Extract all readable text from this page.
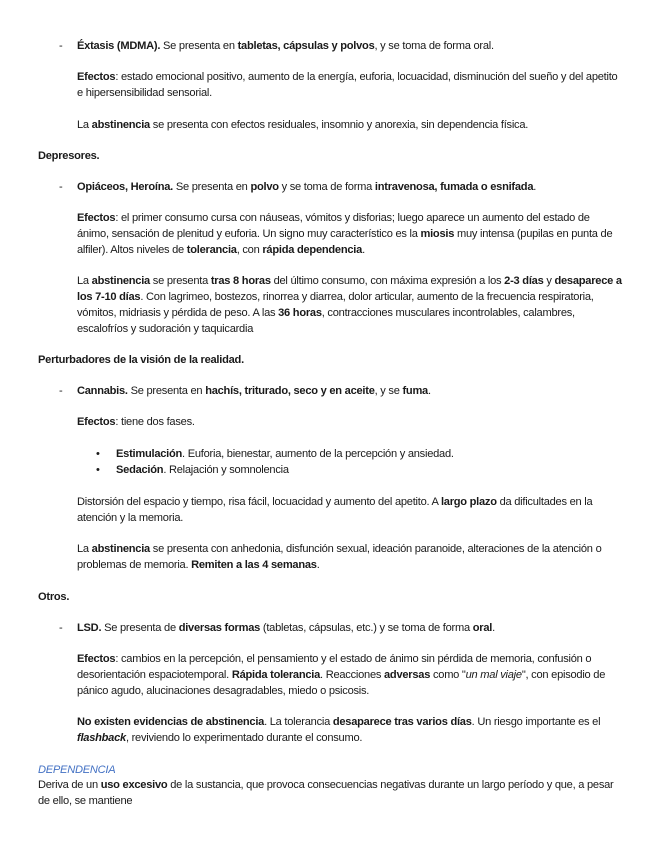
- Éxtasis (MDMA). Se presenta en tabletas, cápsulas y polvos, y se toma de forma oral.

Efectos: estado emocional positivo, aumento de la energía, euforia, locuacidad, disminución del sueño y del apetito e hipersensibilidad sensorial.

La abstinencia se presenta con efectos residuales, insomnio y anorexia, sin dependencia física.

Depresores.

- Opiáceos, Heroína. Se presenta en polvo y se toma de forma intravenosa, fumada o esnifada.

Efectos: el primer consumo cursa con náuseas, vómitos y disforias; luego aparece un aumento del estado de ánimo, sensación de plenitud y euforia. Un signo muy característico es la miosis muy intensa (pupilas en punta de alfiler). Altos niveles de tolerancia, con rápida dependencia.

La abstinencia se presenta tras 8 horas del último consumo, con máxima expresión a los 2-3 días y desaparece a los 7-10 días. Con lagrimeo, bostezos, rinorrea y diarrea, dolor articular, aumento de la frecuencia respiratoria, vómitos, midriasis y pérdida de peso. A las 36 horas, contracciones musculares incontrolables, calambres, escalofríos y sudoración y taquicardia

Perturbadores de la visión de la realidad.

- Cannabis. Se presenta en hachís, triturado, seco y en aceite, y se fuma.

Efectos: tiene dos fases.

• Estimulación. Euforia, bienestar, aumento de la percepción y ansiedad.

• Sedación. Relajación y somnolencia

Distorsión del espacio y tiempo, risa fácil, locuacidad y aumento del apetito. A largo plazo da dificultades en la atención y la memoria.

La abstinencia se presenta con anhedonia, disfunción sexual, ideación paranoide, alteraciones de la atención o problemas de memoria. Remiten a las 4 semanas.

Otros.

- LSD. Se presenta de diversas formas (tabletas, cápsulas, etc.) y se toma de forma oral.

Efectos: cambios en la percepción, el pensamiento y el estado de ánimo sin pérdida de memoria, confusión o desorientación espaciotemporal. Rápida tolerancia. Reacciones adversas como "un mal viaje", con episodio de pánico agudo, alucinaciones desagradables, miedo o psicosis.

No existen evidencias de abstinencia. La tolerancia desaparece tras varios días. Un riesgo importante es el flashback, reviviendo lo experimentado durante el consumo.

DEPENDENCIA

Deriva de un uso excesivo de la sustancia, que provoca consecuencias negativas durante un largo período y que, a pesar de ello, se mantiene
